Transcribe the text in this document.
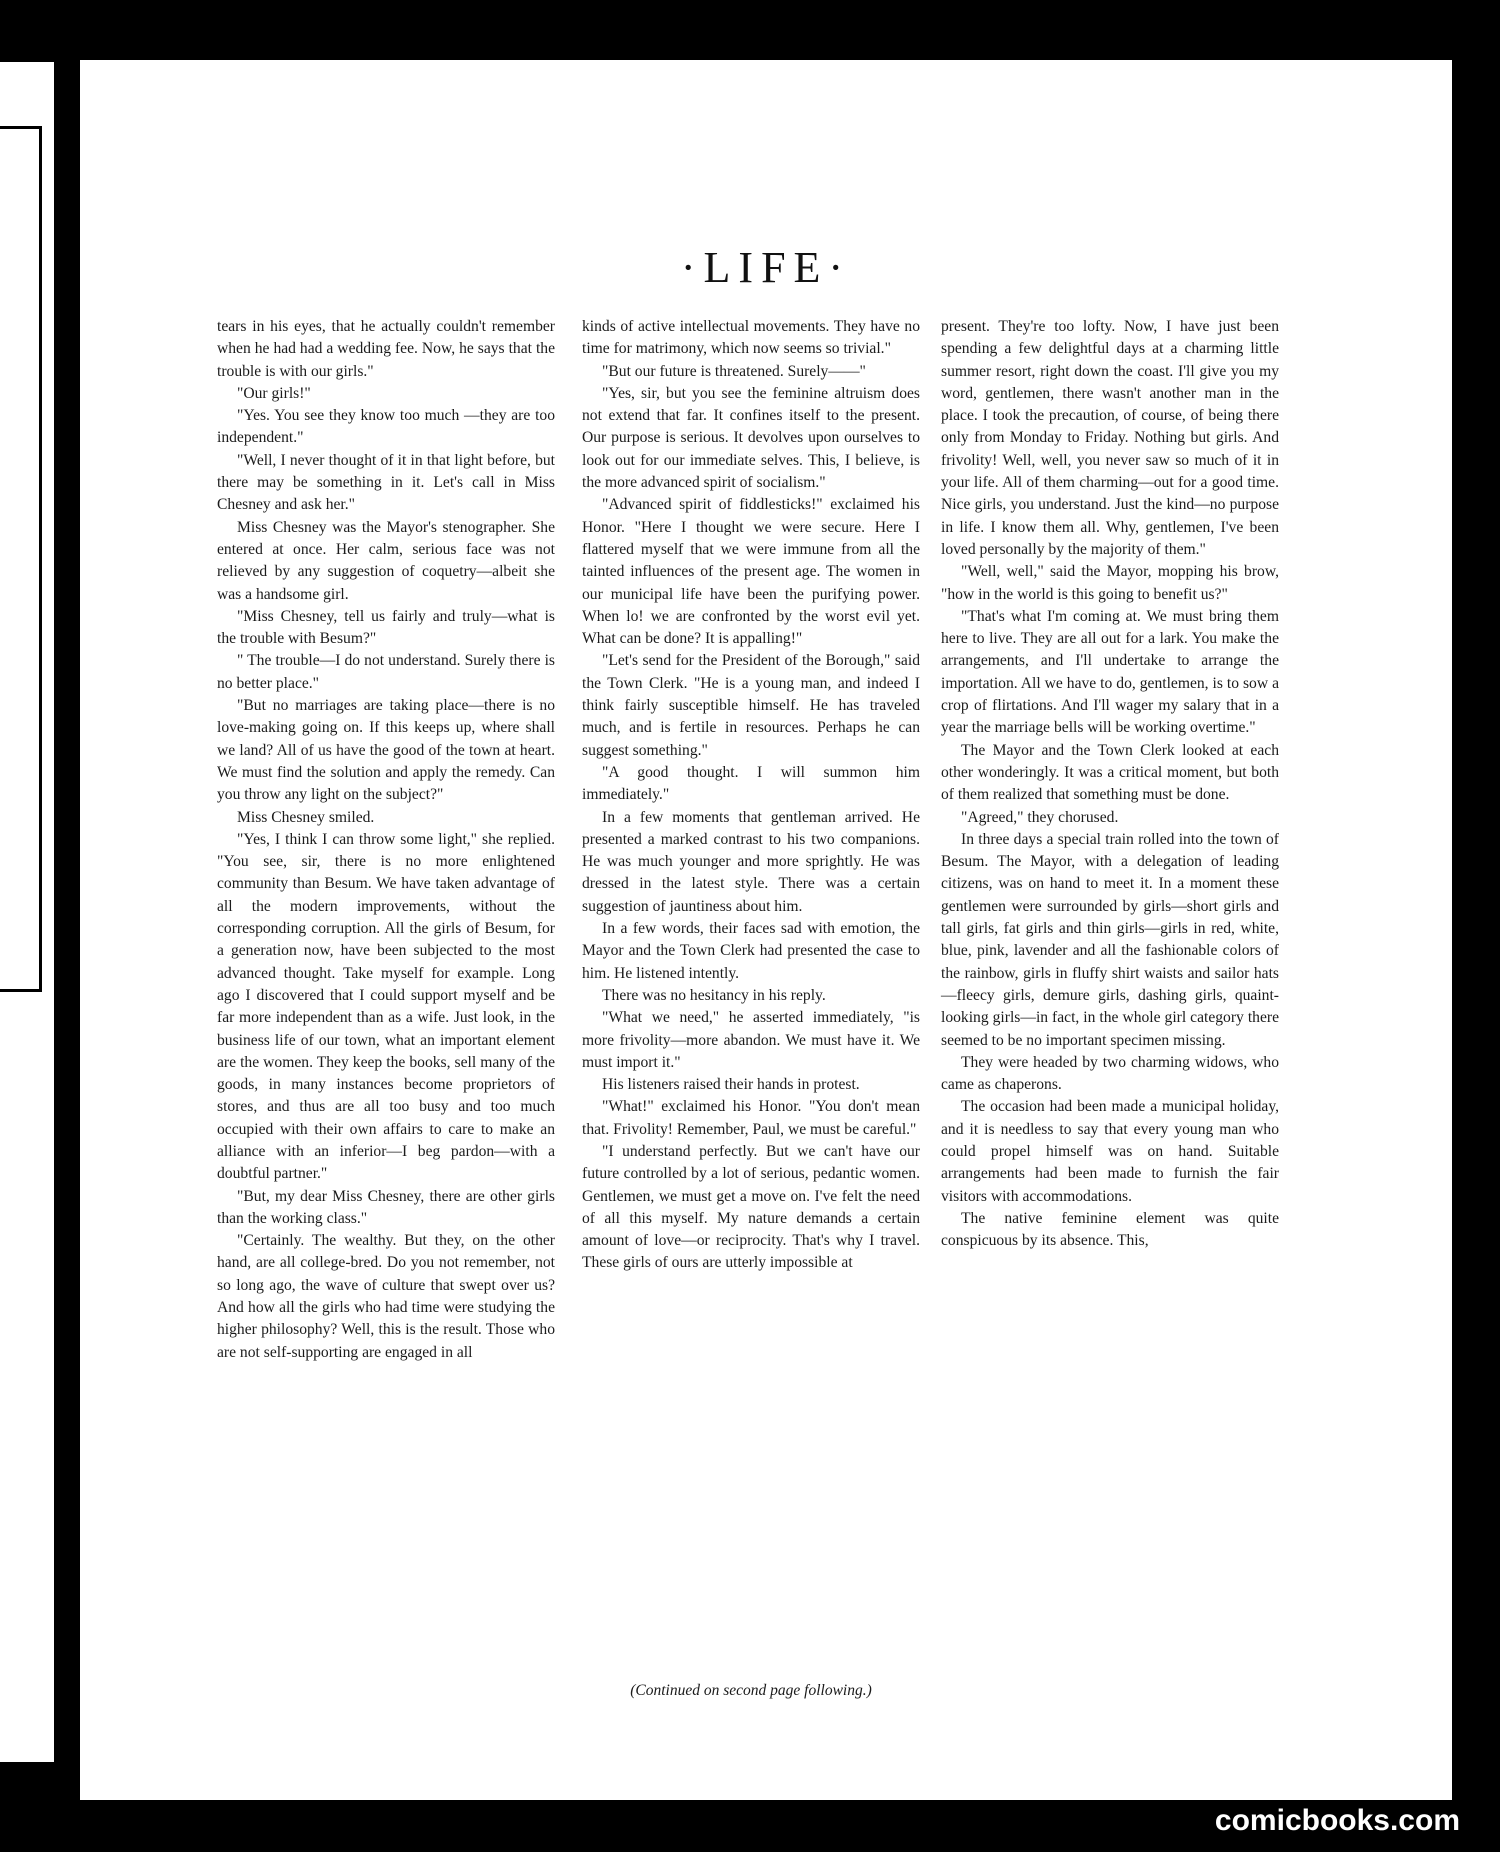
·LIFE·

tears in his eyes, that he actually couldn't remember when he had had a wedding fee. Now, he says that the trouble is with our girls."

"Our girls!"

"Yes. You see they know too much —they are too independent."

"Well, I never thought of it in that light before, but there may be something in it. Let's call in Miss Chesney and ask her."

Miss Chesney was the Mayor's stenographer. She entered at once. Her calm, serious face was not relieved by any suggestion of coquetry—albeit she was a handsome girl.

"Miss Chesney, tell us fairly and truly—what is the trouble with Besum?"

" The trouble—I do not understand. Surely there is no better place."

"But no marriages are taking place—there is no love-making going on. If this keeps up, where shall we land? All of us have the good of the town at heart. We must find the solution and apply the remedy. Can you throw any light on the subject?"

Miss Chesney smiled.

"Yes, I think I can throw some light," she replied. "You see, sir, there is no more enlightened community than Besum. We have taken advantage of all the modern improvements, without the corresponding corruption. All the girls of Besum, for a generation now, have been subjected to the most advanced thought. Take myself for example. Long ago I discovered that I could support myself and be far more independent than as a wife. Just look, in the business life of our town, what an important element are the women. They keep the books, sell many of the goods, in many instances become proprietors of stores, and thus are all too busy and too much occupied with their own affairs to care to make an alliance with an inferior—I beg pardon—with a doubtful partner."

"But, my dear Miss Chesney, there are other girls than the working class."

"Certainly. The wealthy. But they, on the other hand, are all college-bred. Do you not remember, not so long ago, the wave of culture that swept over us? And how all the girls who had time were studying the higher philosophy? Well, this is the result. Those who are not self-supporting are engaged in all

kinds of active intellectual movements. They have no time for matrimony, which now seems so trivial."

"But our future is threatened. Surely——"

"Yes, sir, but you see the feminine altruism does not extend that far. It confines itself to the present. Our purpose is serious. It devolves upon ourselves to look out for our immediate selves. This, I believe, is the more advanced spirit of socialism."

"Advanced spirit of fiddlesticks!" exclaimed his Honor. "Here I thought we were secure. Here I flattered myself that we were immune from all the tainted influences of the present age. The women in our municipal life have been the purifying power. When lo! we are confronted by the worst evil yet. What can be done? It is appalling!"

"Let's send for the President of the Borough," said the Town Clerk. "He is a young man, and indeed I think fairly susceptible himself. He has traveled much, and is fertile in resources. Perhaps he can suggest something."

"A good thought. I will summon him immediately."

In a few moments that gentleman arrived. He presented a marked contrast to his two companions. He was much younger and more sprightly. He was dressed in the latest style. There was a certain suggestion of jauntiness about him.

In a few words, their faces sad with emotion, the Mayor and the Town Clerk had presented the case to him. He listened intently.

There was no hesitancy in his reply.

"What we need," he asserted immediately, "is more frivolity—more abandon. We must have it. We must import it."

His listeners raised their hands in protest.

"What!" exclaimed his Honor. "You don't mean that. Frivolity! Remember, Paul, we must be careful."

"I understand perfectly. But we can't have our future controlled by a lot of serious, pedantic women. Gentlemen, we must get a move on. I've felt the need of all this myself. My nature demands a certain amount of love—or reciprocity. That's why I travel. These girls of ours are utterly impossible at

present. They're too lofty. Now, I have just been spending a few delightful days at a charming little summer resort, right down the coast. I'll give you my word, gentlemen, there wasn't another man in the place. I took the precaution, of course, of being there only from Monday to Friday. Nothing but girls. And frivolity! Well, well, you never saw so much of it in your life. All of them charming—out for a good time. Nice girls, you understand. Just the kind—no purpose in life. I know them all. Why, gentlemen, I've been loved personally by the majority of them."

"Well, well," said the Mayor, mopping his brow, "how in the world is this going to benefit us?"

"That's what I'm coming at. We must bring them here to live. They are all out for a lark. You make the arrangements, and I'll undertake to arrange the importation. All we have to do, gentlemen, is to sow a crop of flirtations. And I'll wager my salary that in a year the marriage bells will be working overtime."

The Mayor and the Town Clerk looked at each other wonderingly. It was a critical moment, but both of them realized that something must be done.

"Agreed," they chorused.

In three days a special train rolled into the town of Besum. The Mayor, with a delegation of leading citizens, was on hand to meet it. In a moment these gentlemen were surrounded by girls—short girls and tall girls, fat girls and thin girls—girls in red, white, blue, pink, lavender and all the fashionable colors of the rainbow, girls in fluffy shirt waists and sailor hats—fleecy girls, demure girls, dashing girls, quaint-looking girls—in fact, in the whole girl category there seemed to be no important specimen missing.

They were headed by two charming widows, who came as chaperons.

The occasion had been made a municipal holiday, and it is needless to say that every young man who could propel himself was on hand. Suitable arrangements had been made to furnish the fair visitors with accommodations.

The native feminine element was quite conspicuous by its absence. This,

(Continued on second page following.)
comicbooks.com
